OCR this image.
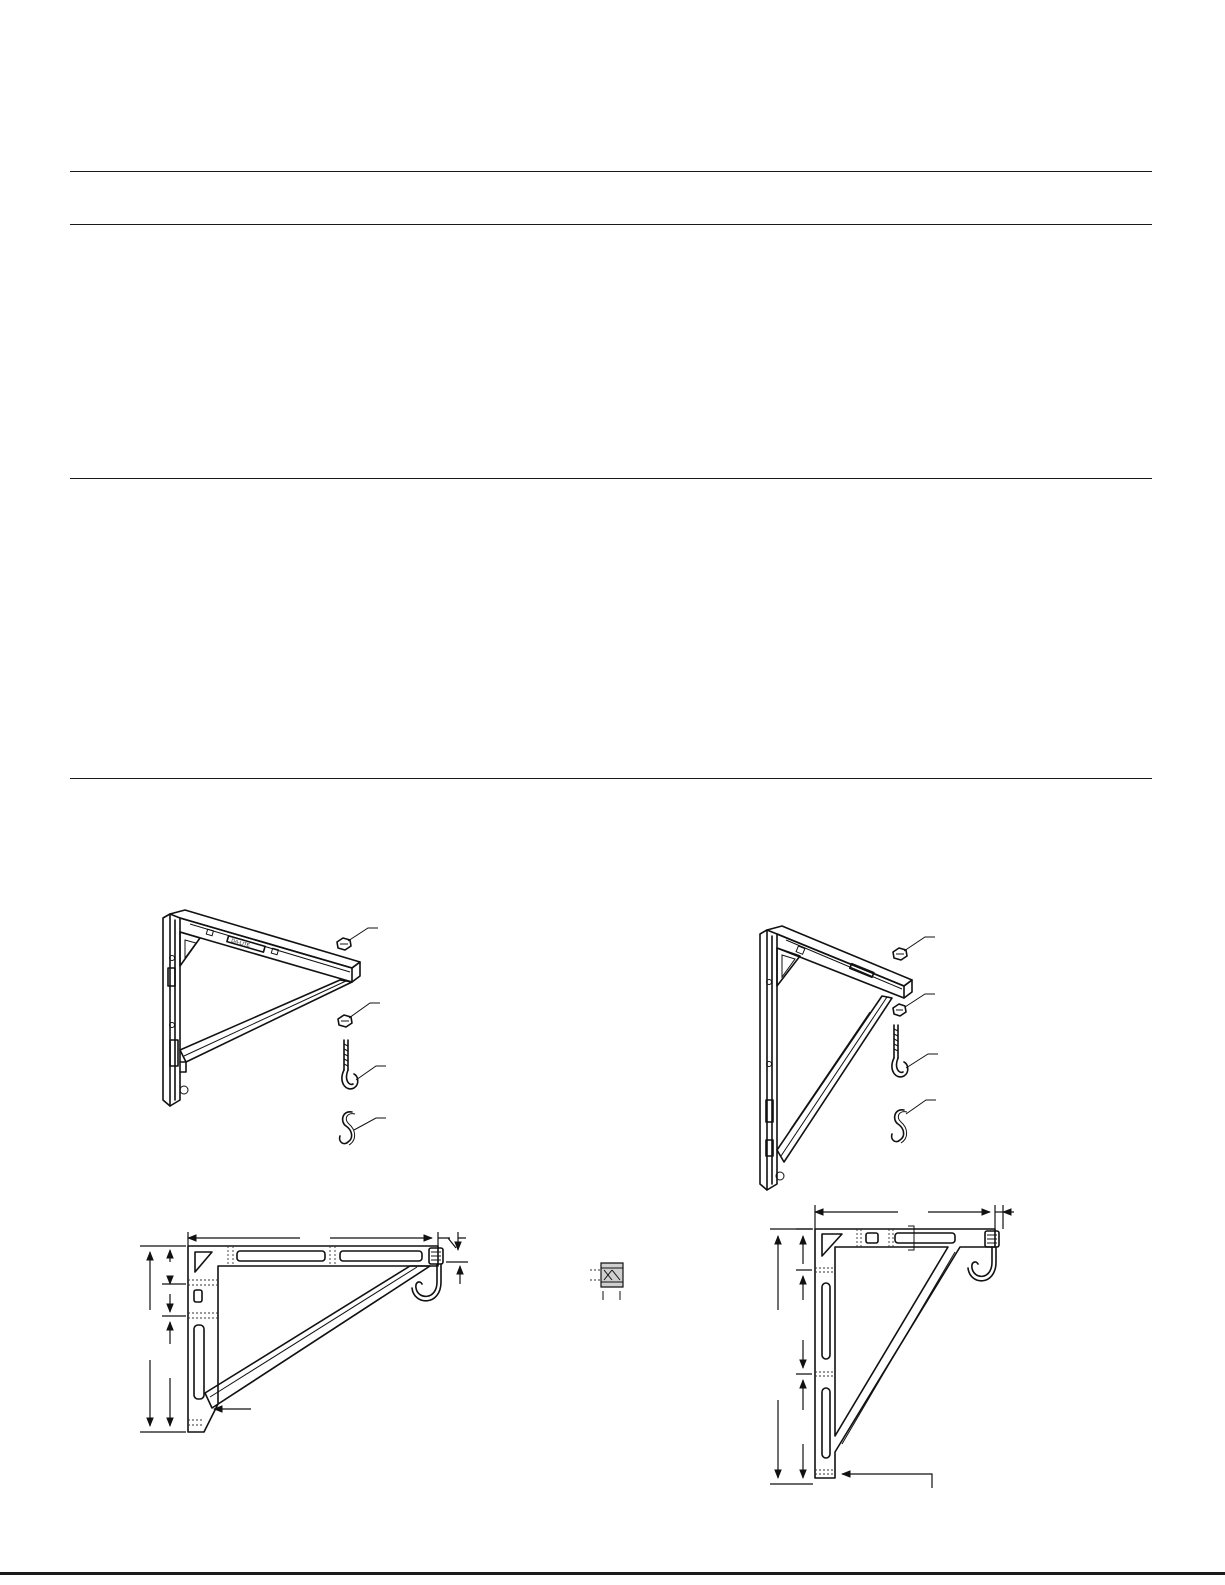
DA-LITE
